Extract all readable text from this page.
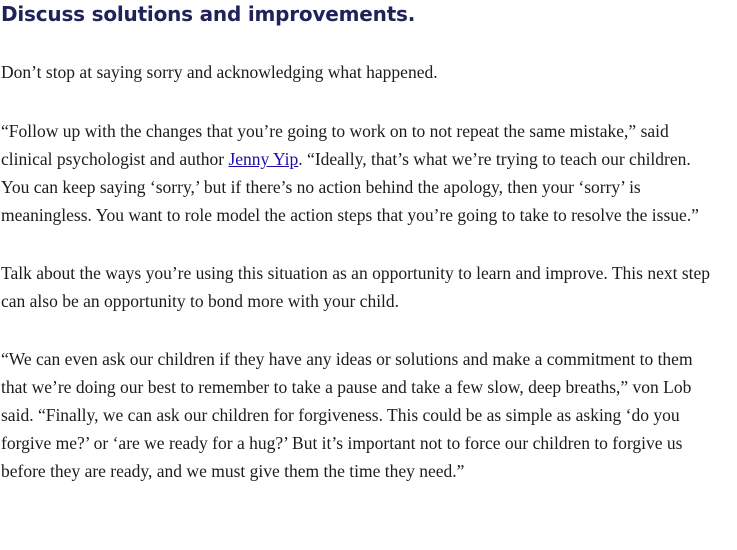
Discuss solutions and improvements.

Don’t stop at saying sorry and acknowledging what happened.

“Follow up with the changes that you’re going to work on to not repeat the same mistake,” said clinical psychologist and author Jenny Yip. “Ideally, that’s what we’re trying to teach our children. You can keep saying ‘sorry,’ but if there’s no action behind the apology, then your ‘sorry’ is meaningless. You want to role model the action steps that you’re going to take to resolve the issue.”

Talk about the ways you’re using this situation as an opportunity to learn and improve. This next step can also be an opportunity to bond more with your child.

“We can even ask our children if they have any ideas or solutions and make a commitment to them that we’re doing our best to remember to take a pause and take a few slow, deep breaths,” von Lob said. “Finally, we can ask our children for forgiveness. This could be as simple as asking ‘do you forgive me?’ or ‘are we ready for a hug?’ But it’s important not to force our children to forgive us before they are ready, and we must give them the time they need.”
